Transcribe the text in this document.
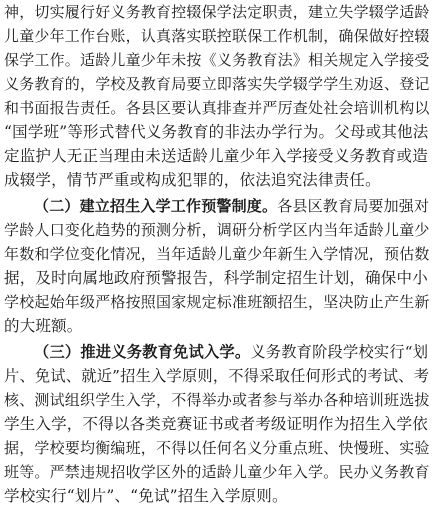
神，切实履行好义务教育控辍保学法定职责，建立失学辍学适龄
儿童少年工作台账，认真落实联控联保工作机制，确保做好控辍
保学工作。适龄儿童少年未按《义务教育法》相关规定入学接受
义务教育的，学校及教育局要立即落实失学辍学学生劝返、登记
和书面报告责任。各县区要认真排查并严厉查处社会培训机构以
“国学班”等形式替代义务教育的非法办学行为。父母或其他法
定监护人无正当理由未送适龄儿童少年入学接受义务教育或造
成辍学，情节严重或构成犯罪的，依法追究法律责任。
（二）建立招生入学工作预警制度。各县区教育局要加强对
学龄人口变化趋势的预测分析，调研分析学区内当年适龄儿童少
年数和学位变化情况，当年适龄儿童少年新生入学情况，预估数
据，及时向属地政府预警报告，科学制定招生计划，确保中小
学校起始年级严格按照国家规定标准班额招生，坚决防止产生新
的大班额。
（三）推进义务教育免试入学。义务教育阶段学校实行“划
片、免试、就近”招生入学原则，不得采取任何形式的考试、考
核、测试组织学生入学，不得举办或者参与举办各种培训班选拔
学生入学，不得以各类竞赛证书或者考级证明作为招生入学依
据，学校要均衡编班，不得以任何名义分重点班、快慢班、实验
班等。严禁违规招收学区外的适龄儿童少年入学。民办义务教育
学校实行“划片”、“免试”招生入学原则。
